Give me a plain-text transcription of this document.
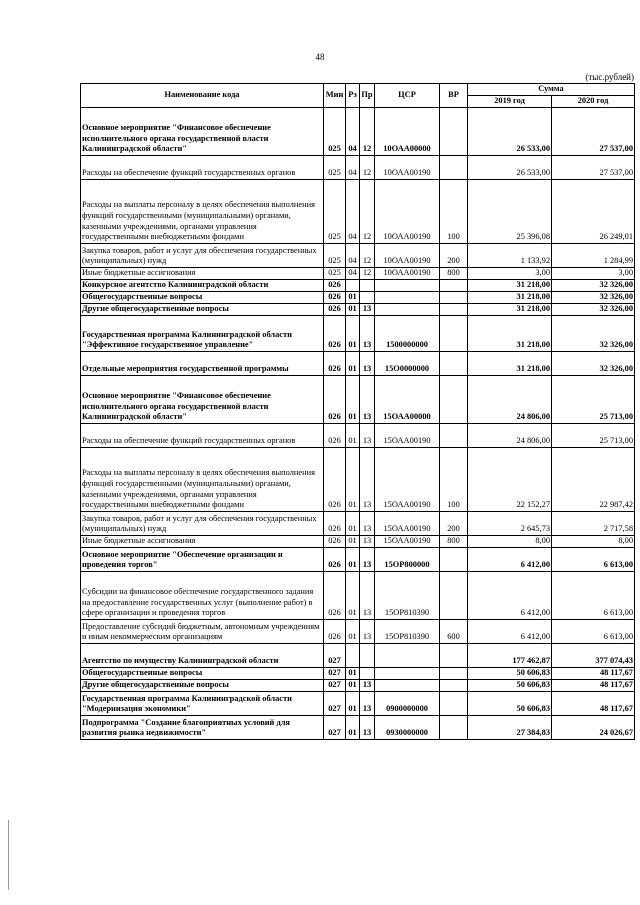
48
(тыс.рублей)
Наименование кода	Мин	Рз	Пр	ЦСР	ВР	Сумма	
						2019 год	2020 год
Основное мероприятие "Финансовое обеспечение исполнительного органа государственной власти Калининградской области"	025	04	12	10ОАА00000		26 533,00	27 537,00
Расходы на обеспечение функций государственных органов	025	04	12	10ОАА00190		26 533,00	27 537,00
Расходы на выплаты персоналу в целях обеспечения выполнения функций государственными (муниципальными) органами, казенными учреждениями, органами управления государственными внебюджетными фондами	025	04	12	10ОАА00190	100	25 396,08	26 249,01
Закупка товаров, работ и услуг для обеспечения государственных (муниципальных) нужд	025	04	12	10ОАА00190	200	1 133,92	1 284,99
Иные бюджетные ассигнования	025	04	12	10ОАА00190	800	3,00	3,00
Конкурсное агентство Калининградской области	026					31 218,00	32 326,00
Общегосударственные вопросы	026	01				31 218,00	32 326,00
Другие общегосударственные вопросы	026	01	13			31 218,00	32 326,00
Государственная программа Калининградской области "Эффективное государственное управление"	026	01	13	1500000000		31 218,00	32 326,00
Отдельные мероприятия государственной программы	026	01	13	15О0000000		31 218,00	32 326,00
Основное мероприятие "Финансовое обеспечение исполнительного органа государственной власти Калининградской области"	026	01	13	15ОАА00000		24 806,00	25 713,00
Расходы на обеспечение функций государственных органов	026	01	13	15ОАА00190		24 806,00	25 713,00
Расходы на выплаты персоналу в целях обеспечения выполнения функций государственными (муниципальными) органами, казенными учреждениями, органами управления государственными внебюджетными фондами	026	01	13	15ОАА00190	100	22 152,27	22 987,42
Закупка товаров, работ и услуг для обеспечения государственных (муниципальных) нужд	026	01	13	15ОАА00190	200	2 645,73	2 717,58
Иные бюджетные ассигнования	026	01	13	15ОАА00190	800	8,00	8,00
Основное мероприятие "Обеспечение организации и проведения торгов"	026	01	13	15ОР800000		6 412,00	6 613,00
Субсидии на финансовое обеспечение государственного задания на предоставление государственных услуг (выполнение работ) в сфере организации и проведения торгов	026	01	13	15ОР810390		6 412,00	6 613,00
Предоставление субсидий бюджетным, автономным учреждениям и иным некоммерческим организациям	026	01	13	15ОР810390	600	6 412,00	6 613,00
Агентство по имуществу Калининградской области	027					177 462,87	377 074,43
Общегосударственные вопросы	027	01				50 606,83	48 117,67
Другие общегосударственные вопросы	027	01	13			50 606,83	48 117,67
Государственная программа Калининградской области "Модернизация экономики"	027	01	13	0900000000		50 606,83	48 117,67
Подпрограмма "Создание благоприятных условий для развития рынка недвижимости"	027	01	13	0930000000		27 384,83	24 026,67
